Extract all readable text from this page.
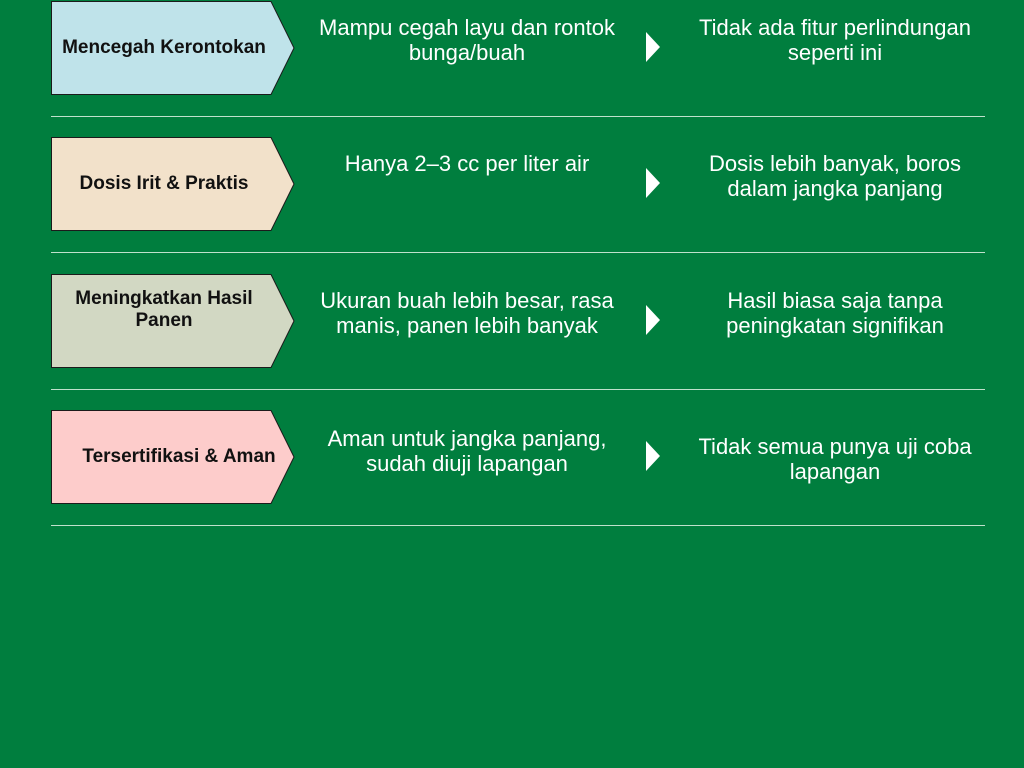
Mencegah Kerontokan
Mampu cegah layu dan rontok bunga/buah
Tidak ada fitur perlindungan seperti ini
Dosis Irit & Praktis
Hanya 2–3 cc per liter air	Dosis lebih banyak, boros dalam jangka panjang
Meningkatkan Hasil Panen
Ukuran buah lebih besar, rasa manis, panen lebih banyak
Hasil biasa saja tanpa peningkatan signifikan
Tersertifikasi & Aman
Aman untuk jangka panjang, sudah diuji lapangan
Tidak semua punya uji coba lapangan
